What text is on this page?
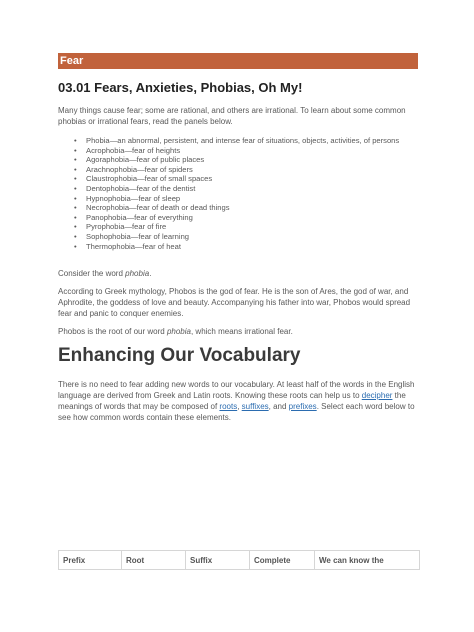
Fear
03.01 Fears, Anxieties, Phobias, Oh My!

Many things cause fear; some are rational, and others are irrational. To learn about some common phobias or irrational fears, read the panels below.

• Phobia—an abnormal, persistent, and intense fear of situations, objects, activities, of persons
• Acrophobia—fear of heights
• Agoraphobia—fear of public places
• Arachnophobia—fear of spiders
• Claustrophobia—fear of small spaces
• Dentophobia—fear of the dentist
• Hypnophobia—fear of sleep
• Necrophobia—fear of death or dead things
• Panophobia—fear of everything
• Pyrophobia—fear of fire
• Sophophobia—fear of learning
• Thermophobia—fear of heat

Consider the word phobia.

According to Greek mythology, Phobos is the god of fear. He is the son of Ares, the god of war, and Aphrodite, the goddess of love and beauty. Accompanying his father into war, Phobos would spread fear and panic to conquer enemies.

Phobos is the root of our word phobia, which means irrational fear.

Enhancing Our Vocabulary

There is no need to fear adding new words to our vocabulary. At least half of the words in the English language are derived from Greek and Latin roots. Knowing these roots can help us to decipher the meanings of words that may be composed of roots, suffixes, and prefixes. Select each word below to see how common words contain these elements.

Prefix	Root	Suffix	Complete	We can know the
